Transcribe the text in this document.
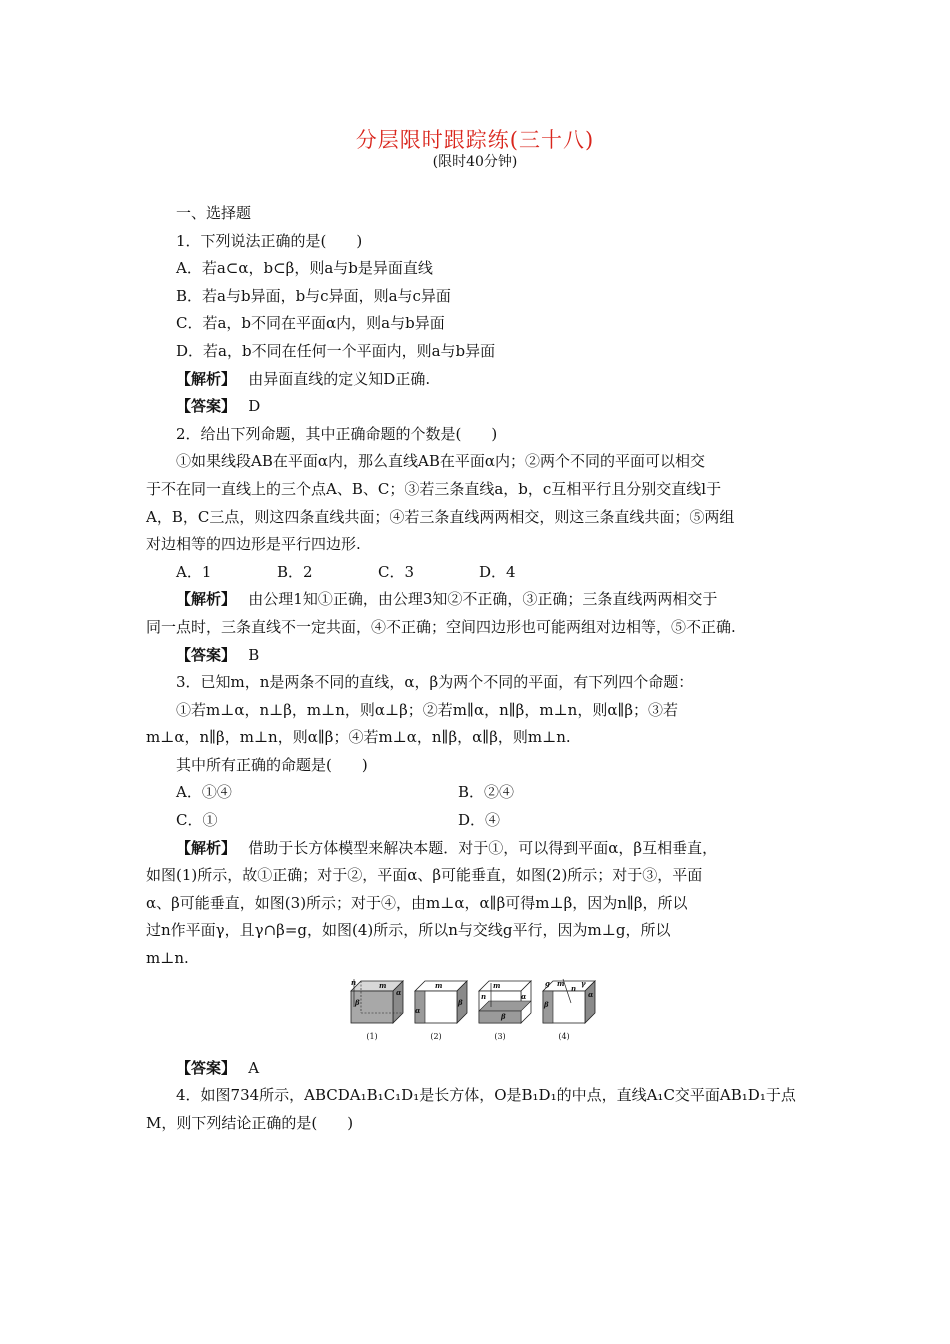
分层限时跟踪练(三十八)
(限时40分钟)

一、选择题

1．下列说法正确的是(　　)

A．若a⊂α，b⊂β，则a与b是异面直线

B．若a与b异面，b与c异面，则a与c异面

C．若a，b不同在平面α内，则a与b异面

D．若a，b不同在任何一个平面内，则a与b异面

【解析】　 由异面直线的定义知D正确.

【答案】　 D

2．给出下列命题，其中正确命题的个数是(　　)

①如果线段AB在平面α内，那么直线AB在平面α内；②两个不同的平面可以相交

于不在同一直线上的三个点A、B、C；③若三条直线a，b，c互相平行且分别交直线l于

A，B，C三点，则这四条直线共面；④若三条直线两两相交，则这三条直线共面；⑤两组

对边相等的四边形是平行四边形.

A．1	B．2	C．3	D．4

【解析】　 由公理1知①正确，由公理3知②不正确，③正确；三条直线两两相交于

同一点时，三条直线不一定共面，④不正确；空间四边形也可能两组对边相等，⑤不正确.

【答案】　 B

3．已知m，n是两条不同的直线，α，β为两个不同的平面，有下列四个命题：

①若m⊥α，n⊥β，m⊥n，则α⊥β；②若m∥α，n∥β，m⊥n，则α∥β；③若

m⊥α，n∥β，m⊥n，则α∥β；④若m⊥α，n∥β，α∥β，则m⊥n.

其中所有正确的命题是(　　)

A．①④	B．②④

C．①	D．④

【解析】　 借助于长方体模型来解决本题．对于①，可以得到平面α，β互相垂直，

如图(1)所示，故①正确；对于②，平面α、β可能垂直，如图(2)所示；对于③，平面

α、β可能垂直，如图(3)所示；对于④，由m⊥α，α∥β可得m⊥β，因为n∥β，所以

过n作平面γ，且γ∩β=g，如图(4)所示，所以n与交线g平行，因为m⊥g，所以

m⊥n.

n	m
α
β
m
α
β
m
α
n
β
g m γ
α
n
β
(1)	(2)	(3)	(4)

【答案】　 A

4．如图734所示，ABCDA₁B₁C₁D₁是长方体，O是B₁D₁的中点，直线A₁C交平面AB₁D₁于点

M，则下列结论正确的是(　　)
